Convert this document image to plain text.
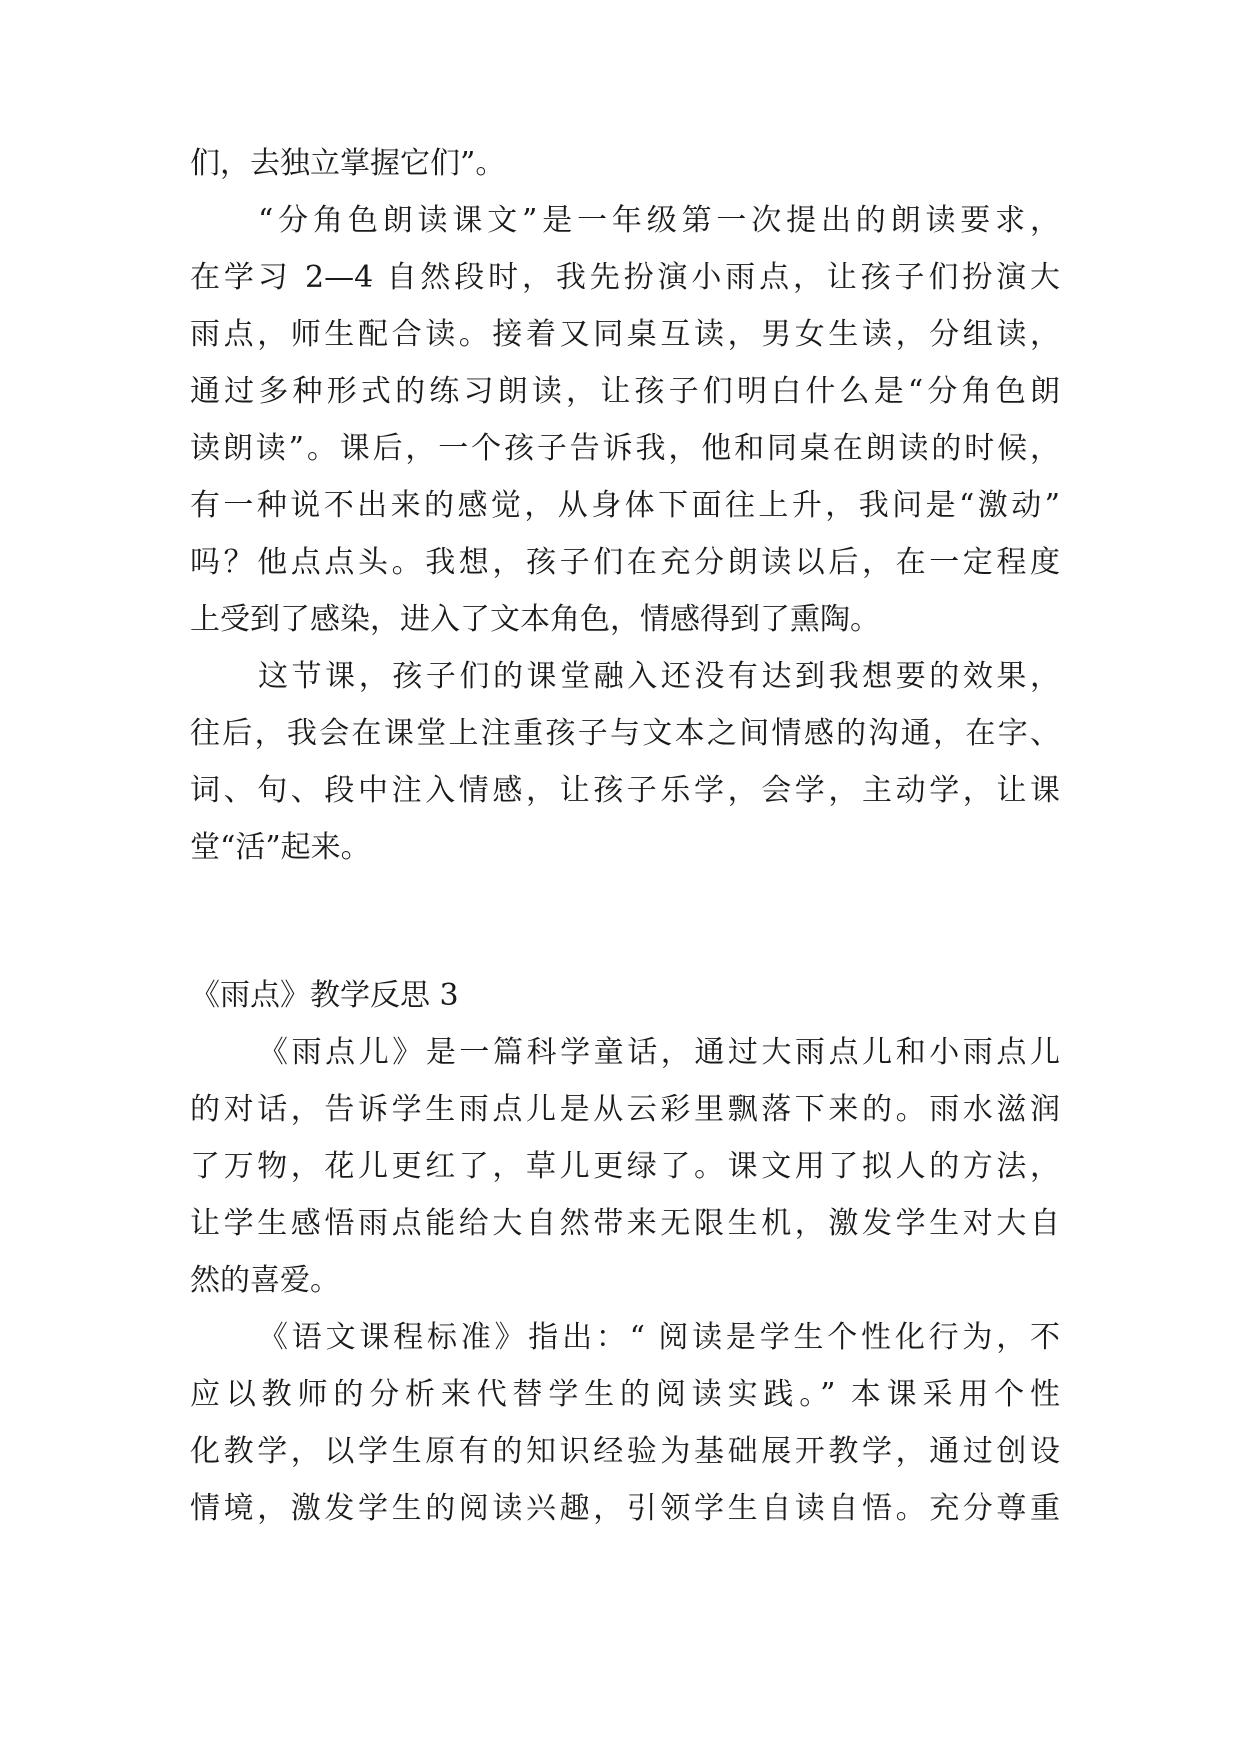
们，去独立掌握它们”。
“分角色朗读课文”是一年级第一次提出的朗读要求，
在学习 2—4 自然段时，我先扮演小雨点，让孩子们扮演大
雨点，师生配合读。接着又同桌互读，男女生读，分组读，
通过多种形式的练习朗读，让孩子们明白什么是“分角色朗
读朗读”。课后，一个孩子告诉我，他和同桌在朗读的时候，
有一种说不出来的感觉，从身体下面往上升，我问是“激动”
吗？他点点头。我想，孩子们在充分朗读以后，在一定程度
上受到了感染，进入了文本角色，情感得到了熏陶。
这节课，孩子们的课堂融入还没有达到我想要的效果，
往后，我会在课堂上注重孩子与文本之间情感的沟通，在字、
词、句、段中注入情感，让孩子乐学，会学，主动学，让课
堂“活”起来。
《雨点》教学反思 3
《雨点儿》是一篇科学童话，通过大雨点儿和小雨点儿
的对话，告诉学生雨点儿是从云彩里飘落下来的。雨水滋润
了万物，花儿更红了，草儿更绿了。课文用了拟人的方法，
让学生感悟雨点能给大自然带来无限生机，激发学生对大自
然的喜爱。
《语文课程标准》指出：“ 阅读是学生个性化行为，不
应以教师的分析来代替学生的阅读实践。” 本课采用个性
化教学，以学生原有的知识经验为基础展开教学，通过创设
情境，激发学生的阅读兴趣，引领学生自读自悟。充分尊重
